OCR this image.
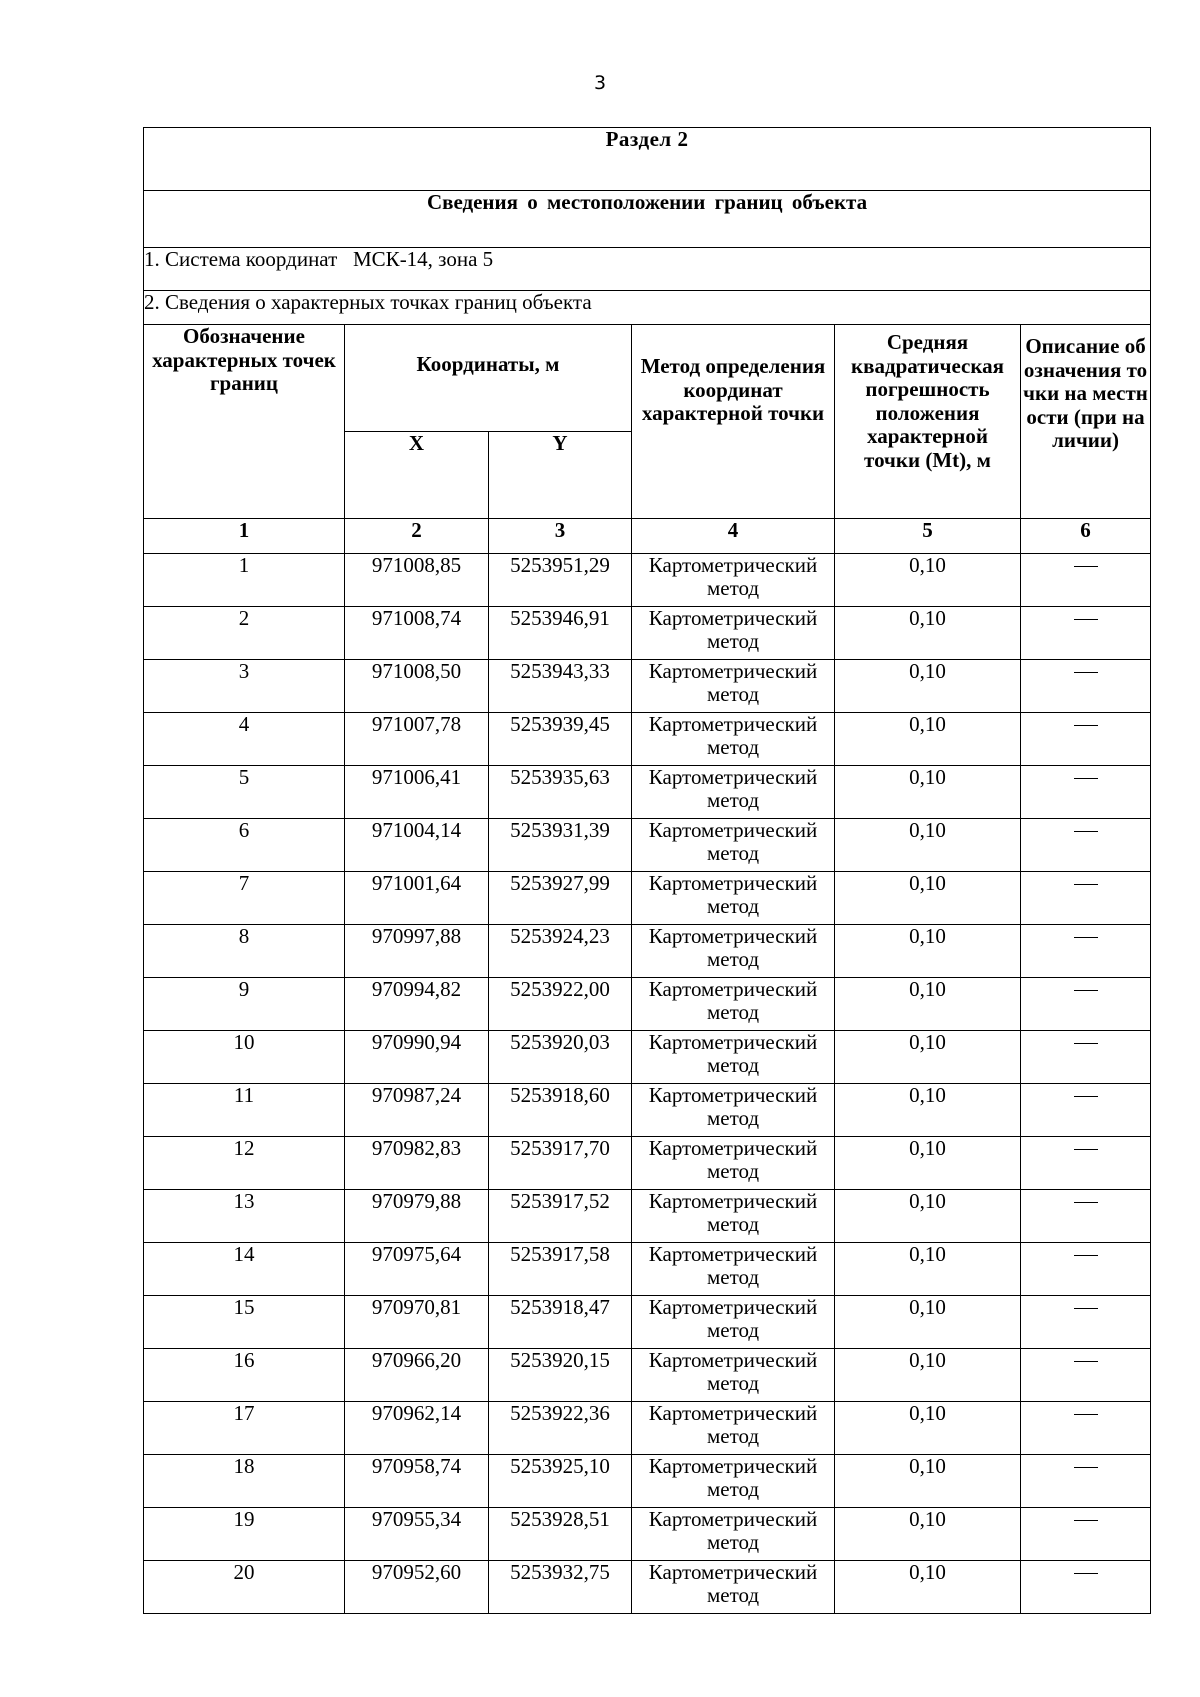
3
Раздел 2					
Сведения о местоположении границ объекта					
1. Система координат   МСК-14, зона 5					
2. Сведения о характерных точках границ объекта					
Обозначение характерных точек границ	Координаты, м		Метод определения координат характерной точки	Средняя квадратическая погрешность положения характерной точки (Mt), м	Описание обозначения точки на местности (при наличии)
	X	Y			
1	2	3	4	5	6
1	971008,85	5253951,29	Картометрический метод	0,10	
2	971008,74	5253946,91	Картометрический метод	0,10	
3	971008,50	5253943,33	Картометрический метод	0,10	
4	971007,78	5253939,45	Картометрический метод	0,10	
5	971006,41	5253935,63	Картометрический метод	0,10	
6	971004,14	5253931,39	Картометрический метод	0,10	
7	971001,64	5253927,99	Картометрический метод	0,10	
8	970997,88	5253924,23	Картометрический метод	0,10	
9	970994,82	5253922,00	Картометрический метод	0,10	
10	970990,94	5253920,03	Картометрический метод	0,10	
11	970987,24	5253918,60	Картометрический метод	0,10	
12	970982,83	5253917,70	Картометрический метод	0,10	
13	970979,88	5253917,52	Картометрический метод	0,10	
14	970975,64	5253917,58	Картометрический метод	0,10	
15	970970,81	5253918,47	Картометрический метод	0,10	
16	970966,20	5253920,15	Картометрический метод	0,10	
17	970962,14	5253922,36	Картометрический метод	0,10	
18	970958,74	5253925,10	Картометрический метод	0,10	
19	970955,34	5253928,51	Картометрический метод	0,10	
20	970952,60	5253932,75	Картометрический метод	0,10	
